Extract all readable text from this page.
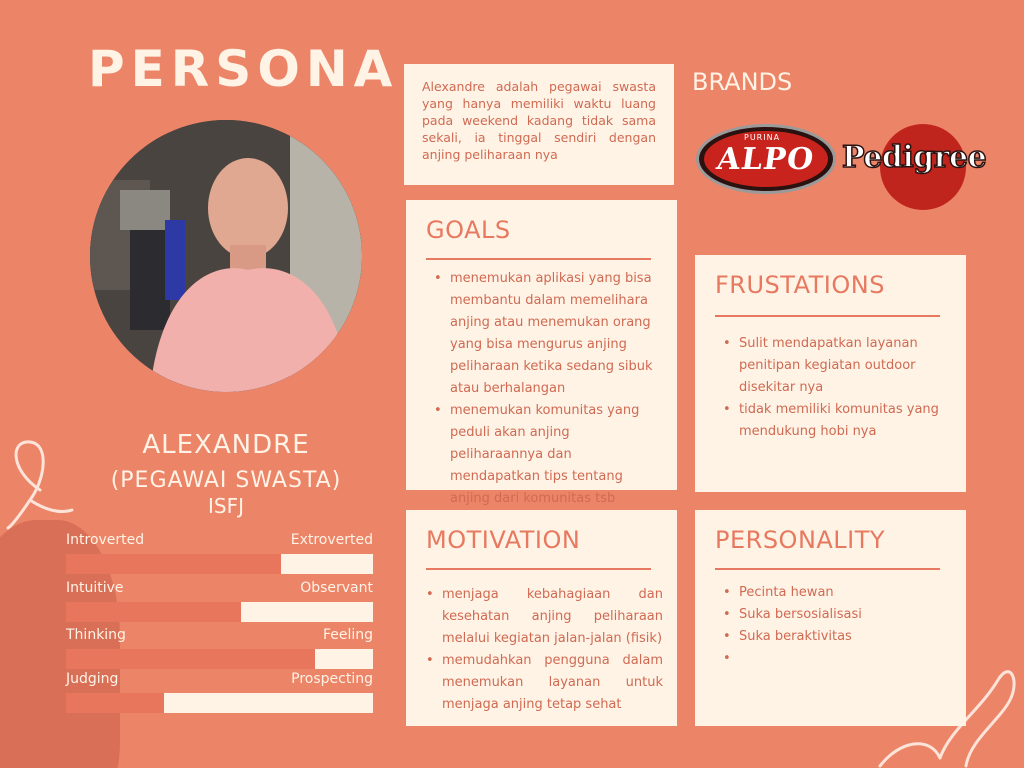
PERSONA
ALEXANDRE
(PEGAWAI SWASTA)
ISFJ
Introverted	Extroverted
Intuitive	Observant
Thinking	Feeling
Judging	Prospecting
Alexandre adalah pegawai swasta yang hanya memiliki waktu luang pada weekend kadang tidak sama sekali, ia tinggal sendiri dengan anjing peliharaan nya
BRANDS
PURINA
ALPO Pedigree
GOALS
• menemukan aplikasi yang bisa membantu dalam memelihara anjing atau menemukan orang yang bisa mengurus anjing peliharaan ketika sedang sibuk atau berhalangan
• menemukan komunitas yang peduli akan anjing peliharaannya dan mendapatkan tips tentang anjing dari komunitas tsb
FRUSTATIONS
• Sulit mendapatkan layanan penitipan kegiatan outdoor disekitar nya
• tidak memiliki komunitas yang mendukung hobi nya
MOTIVATION
• menjaga kebahagiaan dan kesehatan anjing peliharaan melalui kegiatan jalan-jalan (fisik)
• memudahkan pengguna dalam menemukan layanan untuk menjaga anjing tetap sehat
PERSONALITY
• Pecinta hewan
• Suka bersosialisasi
• Suka beraktivitas
